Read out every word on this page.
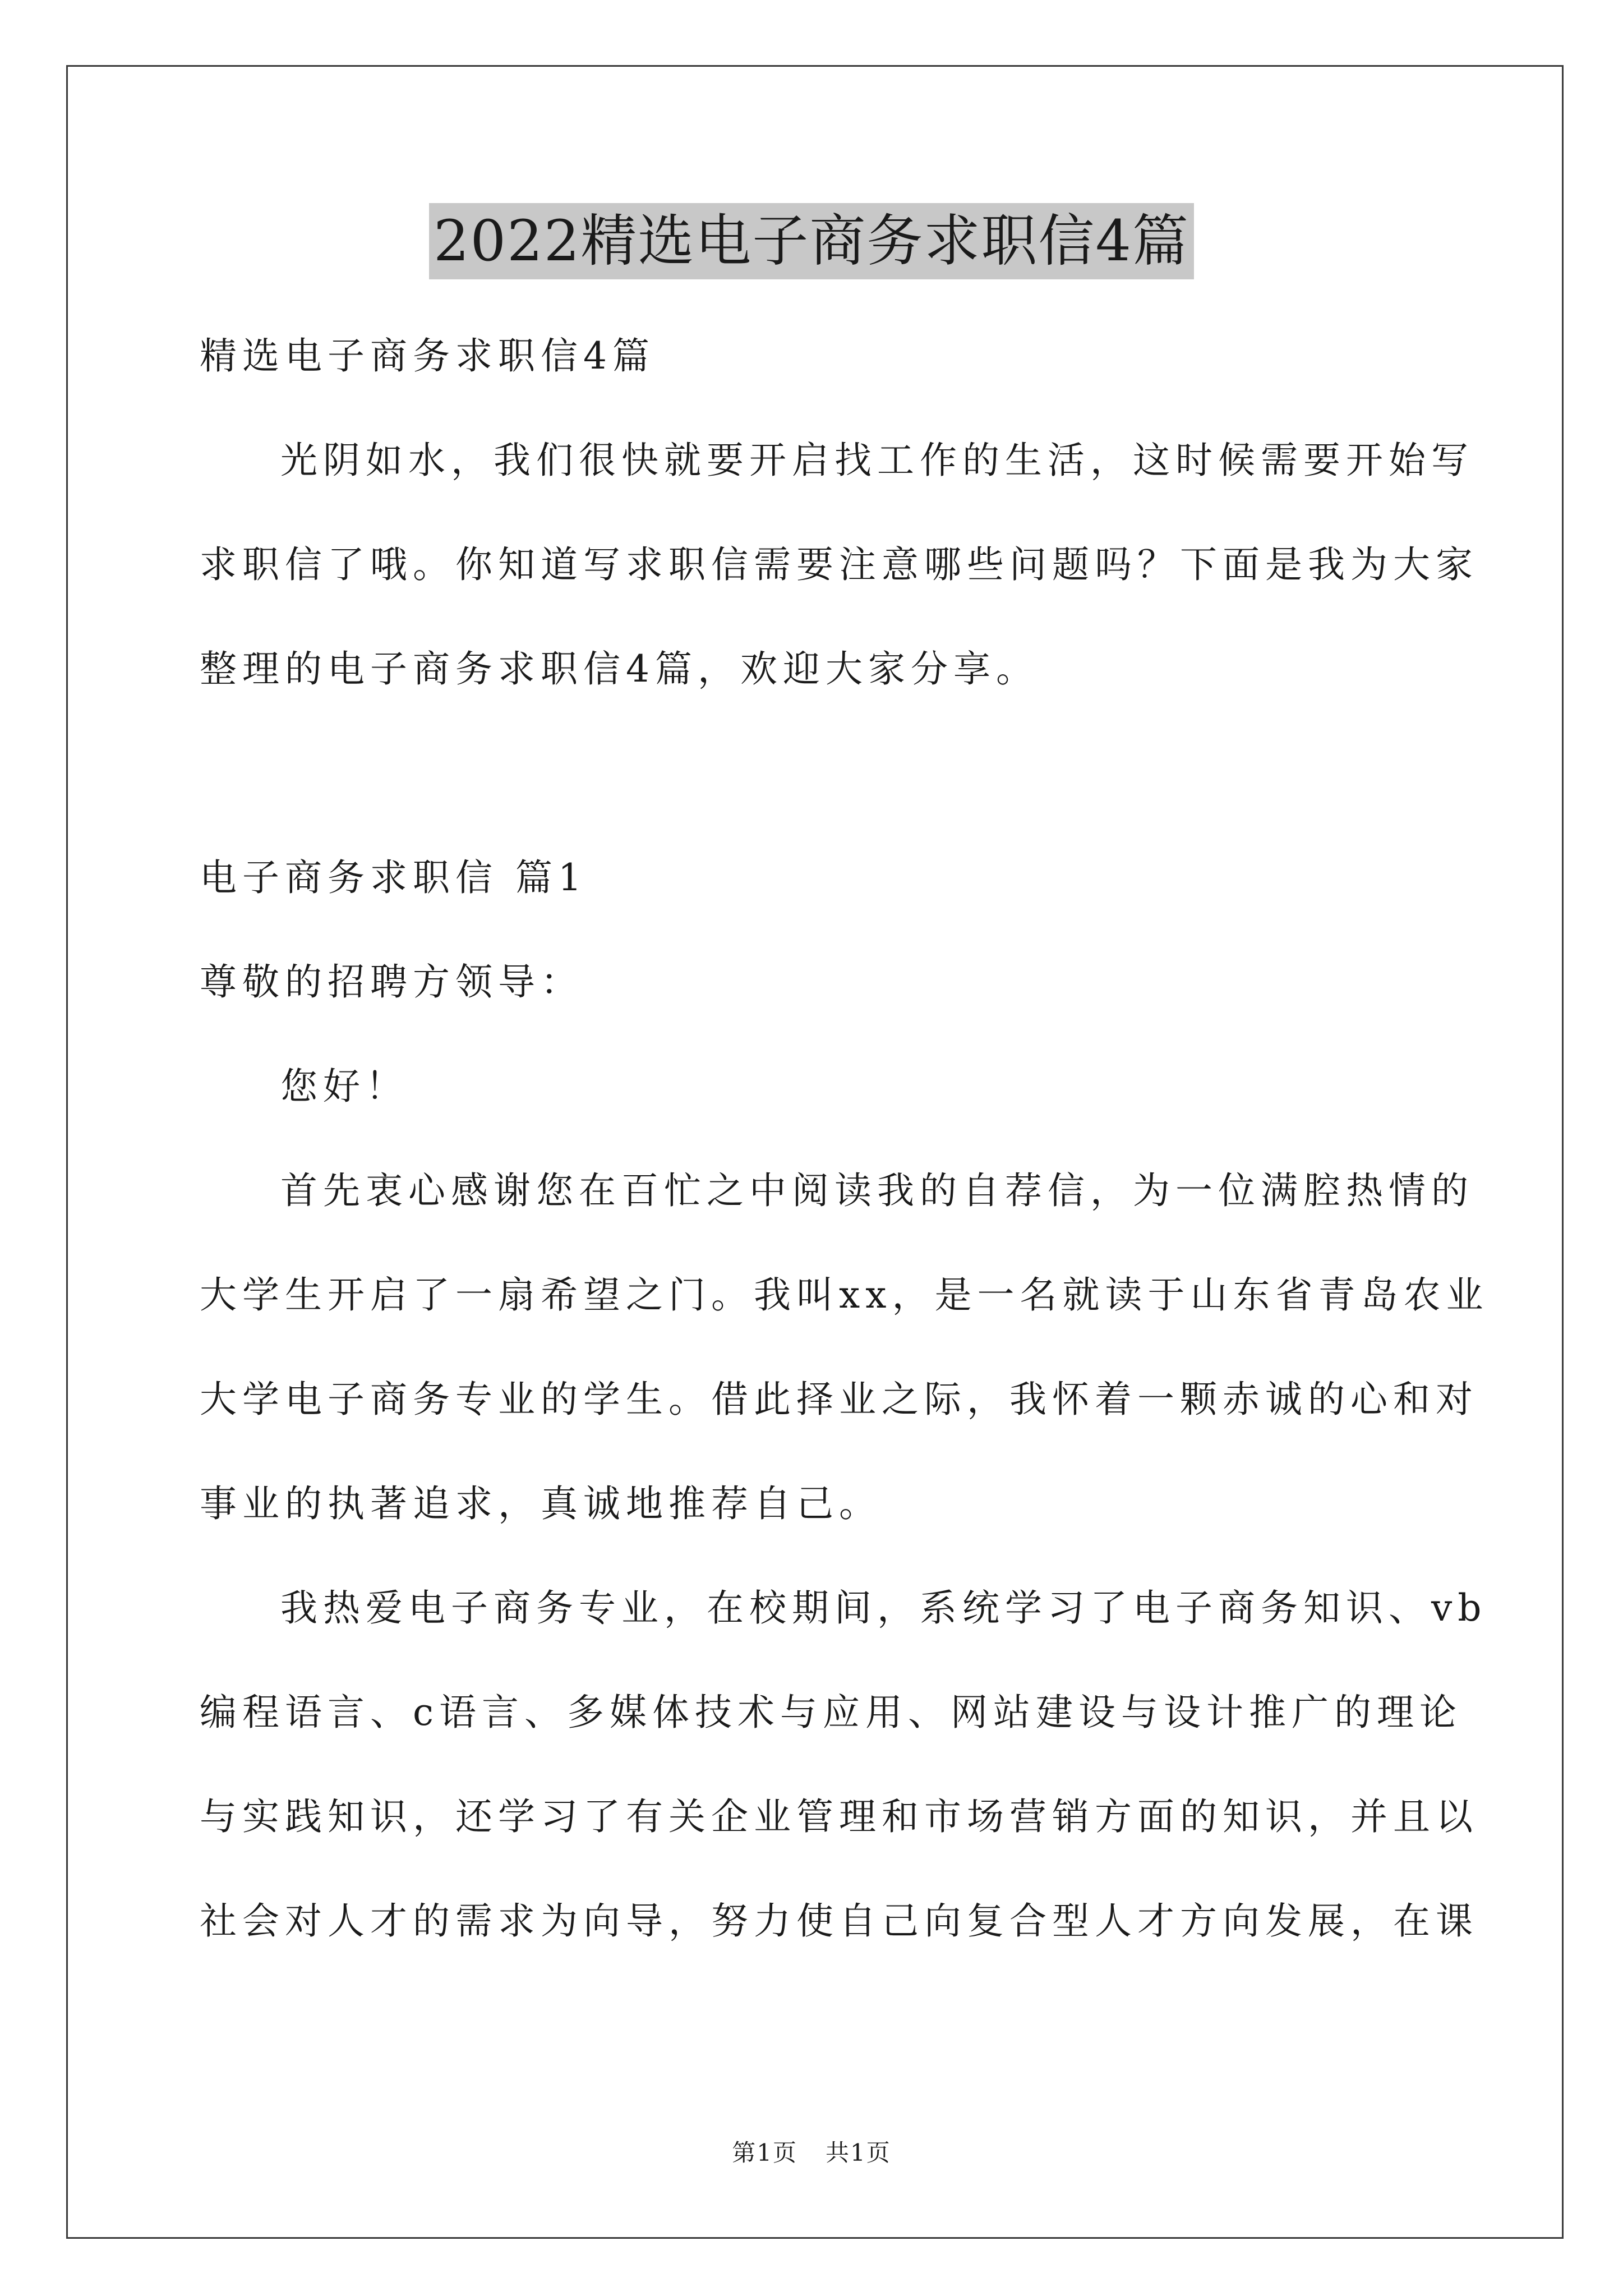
2022精选电子商务求职信4篇
精选电子商务求职信4篇
光阴如水，我们很快就要开启找工作的生活，这时候需要开始写
求职信了哦。你知道写求职信需要注意哪些问题吗？下面是我为大家
整理的电子商务求职信4篇，欢迎大家分享。
电子商务求职信 篇1
尊敬的招聘方领导：
您好！
首先衷心感谢您在百忙之中阅读我的自荐信，为一位满腔热情的
大学生开启了一扇希望之门。我叫xx，是一名就读于山东省青岛农业
大学电子商务专业的学生。借此择业之际，我怀着一颗赤诚的心和对
事业的执著追求，真诚地推荐自己。
我热爱电子商务专业，在校期间，系统学习了电子商务知识、vb
编程语言、c语言、多媒体技术与应用、网站建设与设计推广的理论
与实践知识，还学习了有关企业管理和市场营销方面的知识，并且以
社会对人才的需求为向导，努力使自己向复合型人才方向发展，在课
第1页 共1页
